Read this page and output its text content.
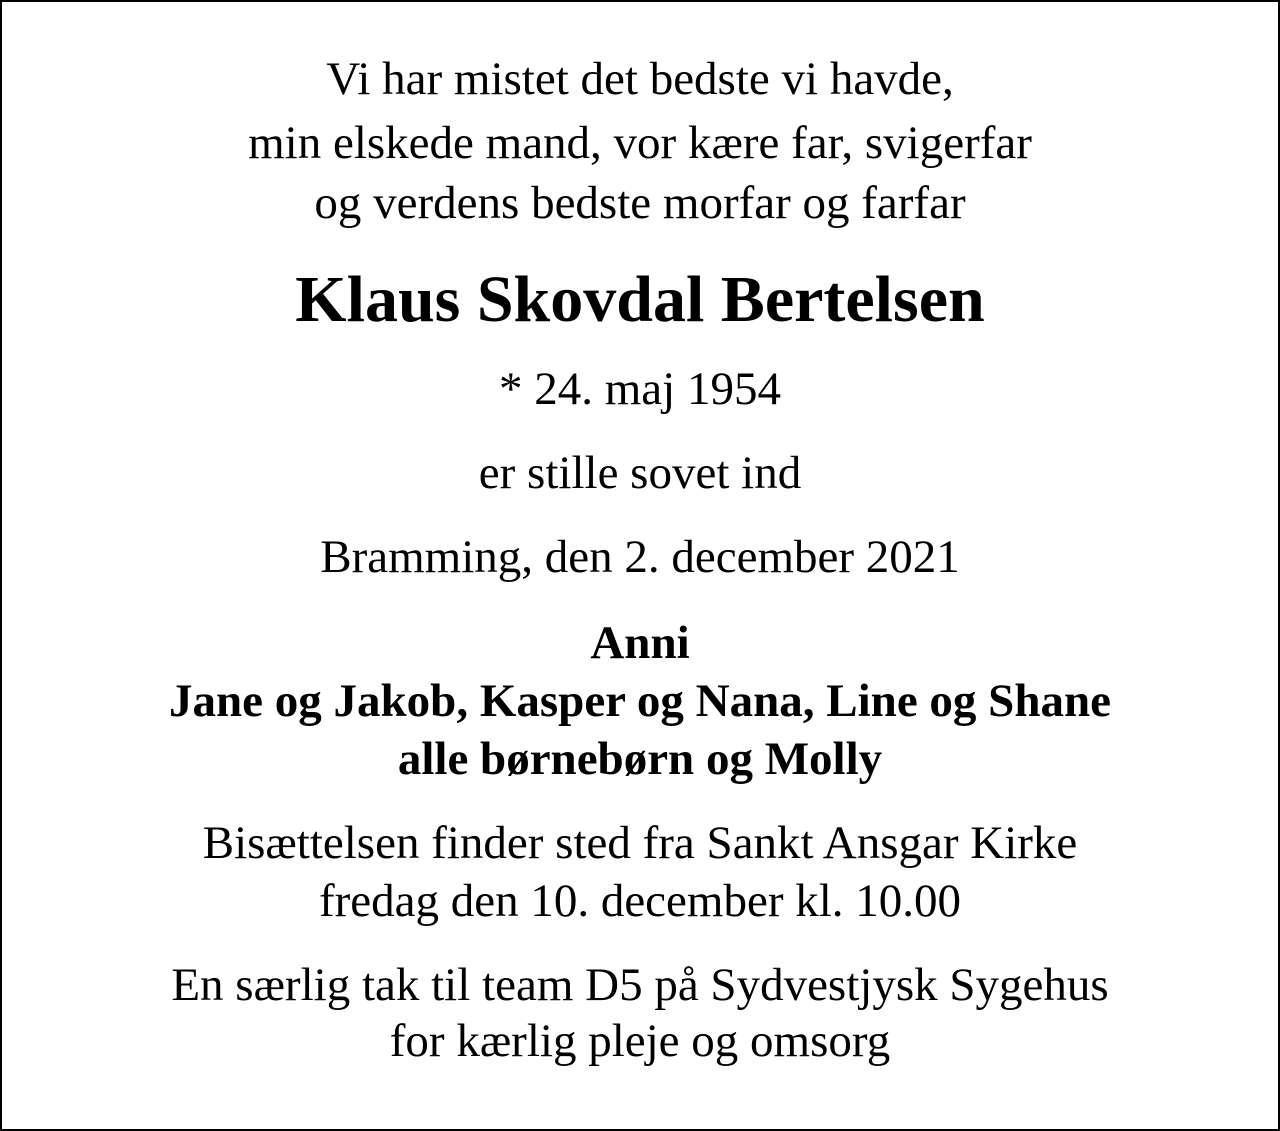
Vi har mistet det bedste vi havde,
min elskede mand, vor kære far, svigerfar
og verdens bedste morfar og farfar
Klaus Skovdal Bertelsen
* 24. maj 1954
er stille sovet ind
Bramming, den 2. december 2021
Anni
Jane og Jakob, Kasper og Nana, Line og Shane
alle børnebørn og Molly
Bisættelsen finder sted fra Sankt Ansgar Kirke
fredag den 10. december kl. 10.00
En særlig tak til team D5 på Sydvestjysk Sygehus
for kærlig pleje og omsorg
